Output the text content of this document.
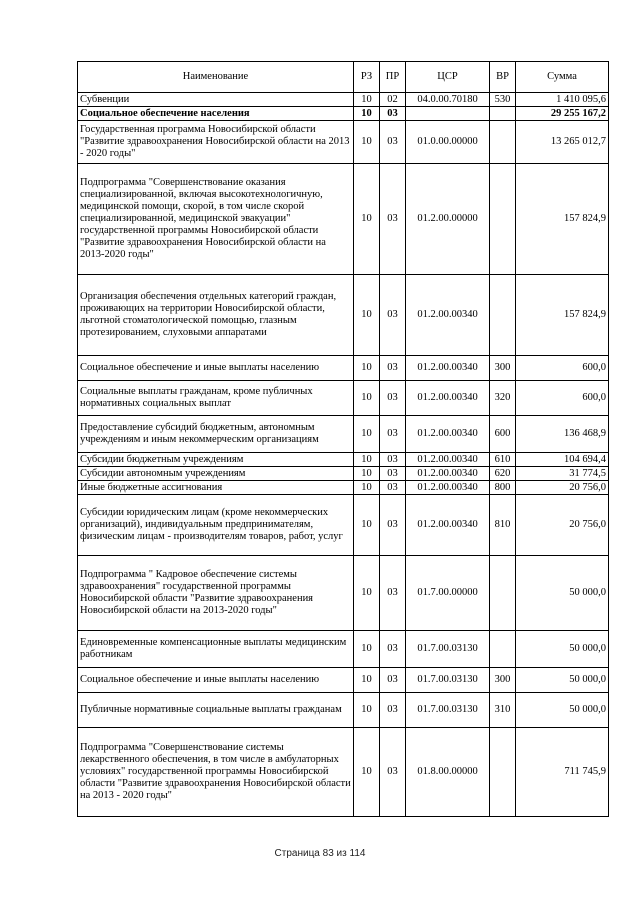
Наименование	РЗ	ПР	ЦСР	ВР	Сумма
Субвенции	10	02	04.0.00.70180	530	1 410 095,6
Социальное обеспечение населения	10	03			29 255 167,2
Государственная программа Новосибирской области "Развитие здравоохранения Новосибирской области на 2013 - 2020 годы"	10	03	01.0.00.00000		13 265 012,7
Подпрограмма "Совершенствование оказания специализированной, включая высокотехнологичную, медицинской помощи, скорой, в том числе скорой специализированной, медицинской эвакуации" государственной программы Новосибирской области "Развитие здравоохранения Новосибирской области на 2013-2020 годы"	10	03	01.2.00.00000		157 824,9
Организация обеспечения отдельных категорий граждан, проживающих на территории Новосибирской области, льготной стоматологической помощью, глазным протезированием, слуховыми аппаратами	10	03	01.2.00.00340		157 824,9
Социальное обеспечение и иные выплаты населению	10	03	01.2.00.00340	300	600,0
Социальные выплаты гражданам, кроме публичных нормативных социальных выплат	10	03	01.2.00.00340	320	600,0
Предоставление субсидий бюджетным, автономным учреждениям и иным некоммерческим организациям	10	03	01.2.00.00340	600	136 468,9
Субсидии бюджетным учреждениям	10	03	01.2.00.00340	610	104 694,4
Субсидии автономным учреждениям	10	03	01.2.00.00340	620	31 774,5
Иные бюджетные ассигнования	10	03	01.2.00.00340	800	20 756,0
Субсидии юридическим лицам (кроме некоммерческих организаций), индивидуальным предпринимателям, физическим лицам - производителям товаров, работ, услуг	10	03	01.2.00.00340	810	20 756,0
Подпрограмма " Кадровое обеспечение системы здравоохранения" государственной программы Новосибирской области "Развитие здравоохранения Новосибирской области на 2013-2020 годы"	10	03	01.7.00.00000		50 000,0
Единовременные компенсационные выплаты медицинским работникам	10	03	01.7.00.03130		50 000,0
Социальное обеспечение и иные выплаты населению	10	03	01.7.00.03130	300	50 000,0
Публичные нормативные социальные выплаты гражданам	10	03	01.7.00.03130	310	50 000,0
Подпрограмма "Совершенствование системы лекарственного обеспечения, в том числе в амбулаторных условиях" государственной программы Новосибирской области "Развитие здравоохранения Новосибирской области на 2013 - 2020 годы"	10	03	01.8.00.00000		711 745,9
Страница 83 из 114
